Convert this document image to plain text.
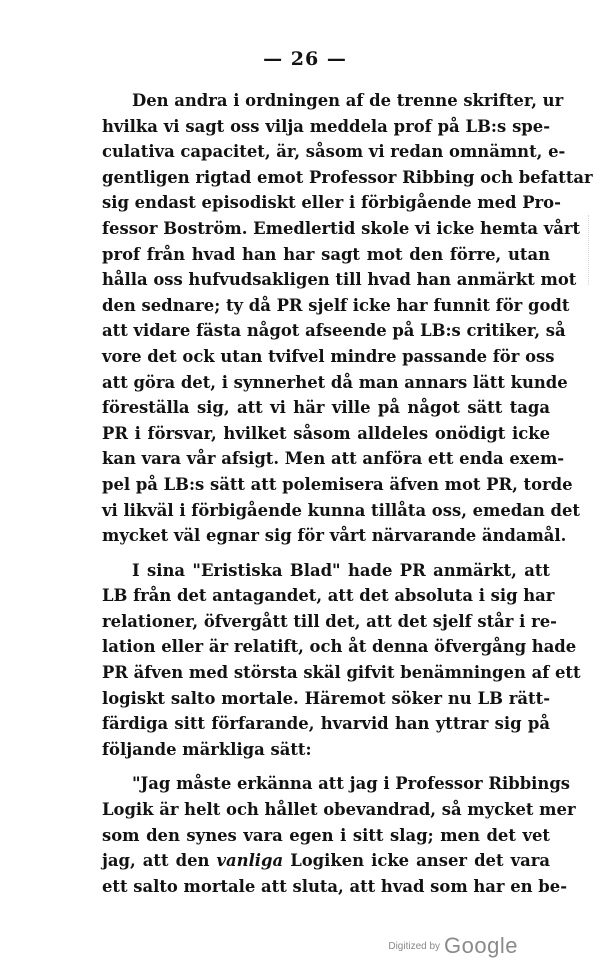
— 26 —
Den andra i ordningen af de trenne skrifter, ur
hvilka vi sagt oss vilja meddela prof på LB:s spe-
culativa capacitet, är, såsom vi redan omnämnt, e-
gentligen rigtad emot Professor Ribbing och befattar
sig endast episodiskt eller i förbigående med Pro-
fessor Boström. Emedlertid skole vi icke hemta vårt
prof från hvad han har sagt mot den förre, utan
hålla oss hufvudsakligen till hvad han anmärkt mot
den sednare; ty då PR sjelf icke har funnit för godt
att vidare fästa något afseende på LB:s critiker, så
vore det ock utan tvifvel mindre passande för oss
att göra det, i synnerhet då man annars lätt kunde
föreställa sig, att vi här ville på något sätt taga
PR i försvar, hvilket såsom alldeles onödigt icke
kan vara vår afsigt. Men att anföra ett enda exem-
pel på LB:s sätt att polemisera äfven mot PR, torde
vi likväl i förbigående kunna tillåta oss, emedan det
mycket väl egnar sig för vårt närvarande ändamål.
I sina "Eristiska Blad" hade PR anmärkt, att
LB från det antagandet, att det absoluta i sig har
relationer, öfvergått till det, att det sjelf står i re-
lation eller är relatift, och åt denna öfvergång hade
PR äfven med största skäl gifvit benämningen af ett
logiskt salto mortale. Häremot söker nu LB rätt-
färdiga sitt förfarande, hvarvid han yttrar sig på
följande märkliga sätt:
"Jag måste erkänna att jag i Professor Ribbings
Logik är helt och hållet obevandrad, så mycket mer
som den synes vara egen i sitt slag; men det vet
jag, att den vanliga Logiken icke anser det vara
ett salto mortale att sluta, att hvad som har en be-
Digitized by Google
